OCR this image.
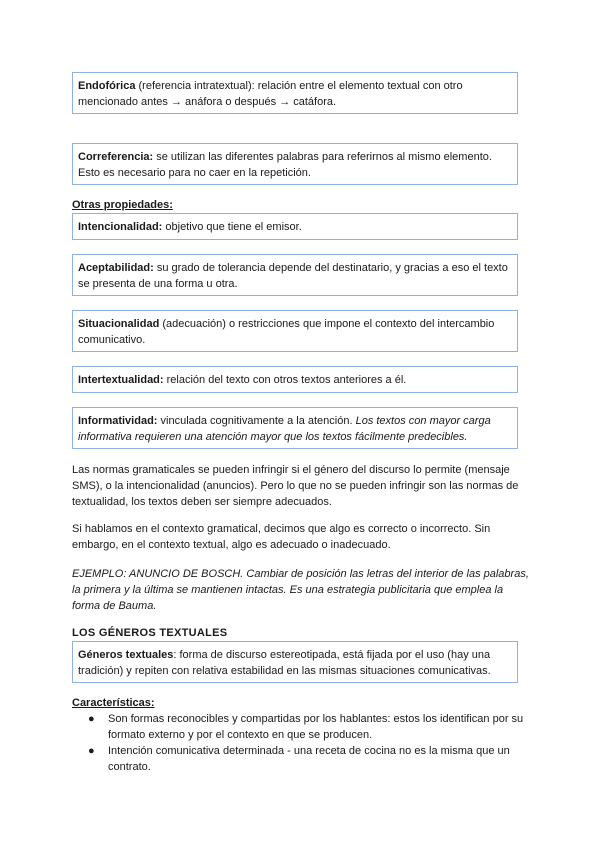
Endofórica (referencia intratextual): relación entre el elemento textual con otro mencionado antes → anáfora o después → catáfora.
Correferencia: se utilizan las diferentes palabras para referirnos al mismo elemento. Esto es necesario para no caer en la repetición.
Otras propiedades:
Intencionalidad: objetivo que tiene el emisor.
Aceptabilidad: su grado de tolerancia depende del destinatario, y gracias a eso el texto se presenta de una forma u otra.
Situacionalidad (adecuación) o restricciones que impone el contexto del intercambio comunicativo.
Intertextualidad: relación del texto con otros textos anteriores a él.
Informatividad: vinculada cognitivamente a la atención. Los textos con mayor carga informativa requieren una atención mayor que los textos fácilmente predecibles.
Las normas gramaticales se pueden infringir si el género del discurso lo permite (mensaje SMS), o la intencionalidad (anuncios). Pero lo que no se pueden infringir son las normas de textualidad, los textos deben ser siempre adecuados.
Si hablamos en el contexto gramatical, decimos que algo es correcto o incorrecto. Sin embargo, en el contexto textual, algo es adecuado o inadecuado.
EJEMPLO: ANUNCIO DE BOSCH. Cambiar de posición las letras del interior de las palabras, la primera y la última se mantienen intactas. Es una estrategia publicitaria que emplea la forma de Bauma.
LOS GÉNEROS TEXTUALES
Géneros textuales: forma de discurso estereotipada, está fijada por el uso (hay una tradición) y repiten con relativa estabilidad en las mismas situaciones comunicativas.
Características:
● Son formas reconocibles y compartidas por los hablantes: estos los identifican por su formato externo y por el contexto en que se producen.
● Intención comunicativa determinada - una receta de cocina no es la misma que un contrato.
